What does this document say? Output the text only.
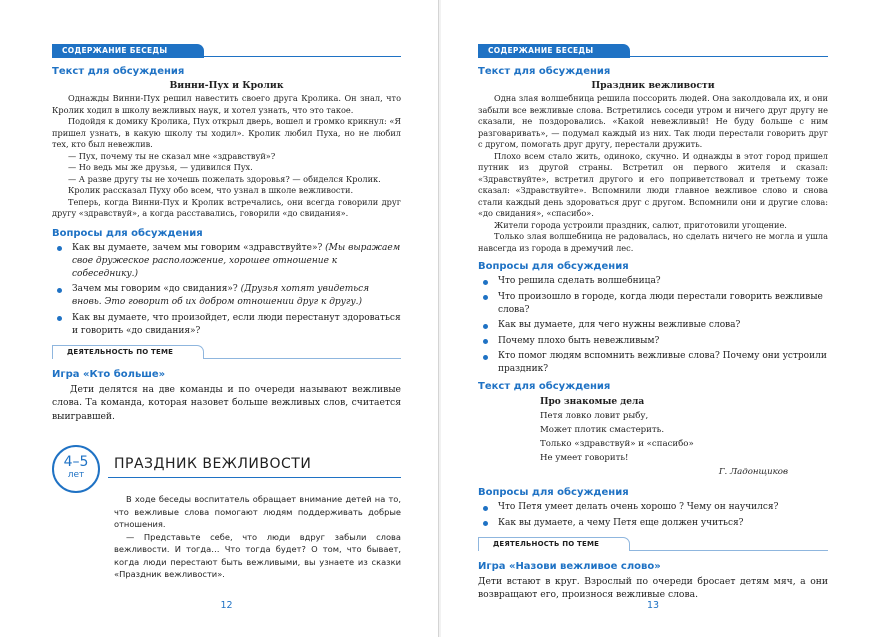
СОДЕРЖАНИЕ БЕСЕДЫ
Текст для обсуждения
Винни-Пух и Кролик

Однажды Винни-Пух решил навестить своего друга Кролика. Он знал, что Кролик ходил в школу вежливых наук, и хотел узнать, что это такое.

Подойдя к домику Кролика, Пух открыл дверь, вошел и громко крикнул: «Я пришел узнать, в какую школу ты ходил». Кролик любил Пуха, но не любил тех, кто был невежлив.

— Пух, почему ты не сказал мне «здравствуй»?

— Но ведь мы же друзья, — удивился Пух.

— А разве другу ты не хочешь пожелать здоровья? — обиделся Кролик.

Кролик рассказал Пуху обо всем, что узнал в школе вежливости.

Теперь, когда Винни-Пух и Кролик встречались, они всегда говорили друг другу «здравствуй», а когда расставались, говорили «до свидания».

Вопросы для обсуждения
Как вы думаете, зачем мы говорим «здравствуйте»? (Мы выражаем свое дружеское расположение, хорошее отношение к собеседнику.)
Зачем мы говорим «до свидания»? (Друзья хотят увидеться вновь. Это говорит об их добром отношении друг к другу.)
Как вы думаете, что произойдет, если люди перестанут здороваться и говорить «до свидания»?
ДЕЯТЕЛЬНОСТЬ ПО ТЕМЕ
Игра «Кто больше»

Дети делятся на две команды и по очереди называют вежливые слова. Та команда, которая назовет больше вежливых слов, считается выигравшей.

4–5
лет
ПРАЗДНИК ВЕЖЛИВОСТИ

В ходе беседы воспитатель обращает внимание детей на то, что вежливые слова помогают людям поддерживать добрые отношения.

— Представьте себе, что люди вдруг забыли слова вежливости. И тогда… Что тогда будет? О том, что бывает, когда люди перестают быть вежливыми, вы узнаете из сказки «Праздник вежливости».

12
СОДЕРЖАНИЕ БЕСЕДЫ
Текст для обсуждения
Праздник вежливости

Одна злая волшебница решила поссорить людей. Она заколдовала их, и они забыли все вежливые слова. Встретились соседи утром и ничего друг другу не сказали, не поздоровались. «Какой невежливый! Не буду больше с ним разговаривать», — подумал каждый из них. Так люди перестали говорить друг с другом, помогать друг другу, перестали дружить.

Плохо всем стало жить, одиноко, скучно. И однажды в этот город пришел путник из другой страны. Встретил он первого жителя и сказал: «Здравствуйте», встретил другого и его поприветствовал и третьему тоже сказал: «Здравствуйте». Вспомнили люди главное вежливое слово и снова стали каждый день здороваться друг с другом. Вспомнили они и другие слова: «до свидания», «спасибо».

Жители города устроили праздник, салют, приготовили угощение.

Только злая волшебница не радовалась, но сделать ничего не могла и ушла навсегда из города в дремучий лес.

Вопросы для обсуждения
Что решила сделать волшебница?
Что произошло в городе, когда люди перестали говорить вежливые слова?
Как вы думаете, для чего нужны вежливые слова?
Почему плохо быть невежливым?
Кто помог людям вспомнить вежливые слова? Почему они устроили праздник?
Текст для обсуждения
Про знакомые дела
Петя ловко ловит рыбу,
Может плотик смастерить.
Только «здравствуй» и «спасибо»
Не умеет говорить!
Г. Ладонщиков
Вопросы для обсуждения
Что Петя умеет делать очень хорошо ? Чему он научился?
Как вы думаете, а чему Петя еще должен учиться?
ДЕЯТЕЛЬНОСТЬ ПО ТЕМЕ
Игра «Назови вежливое слово»

Дети встают в круг. Взрослый по очереди бросает детям мяч, а они возвращают его, произнося вежливые слова.

13
